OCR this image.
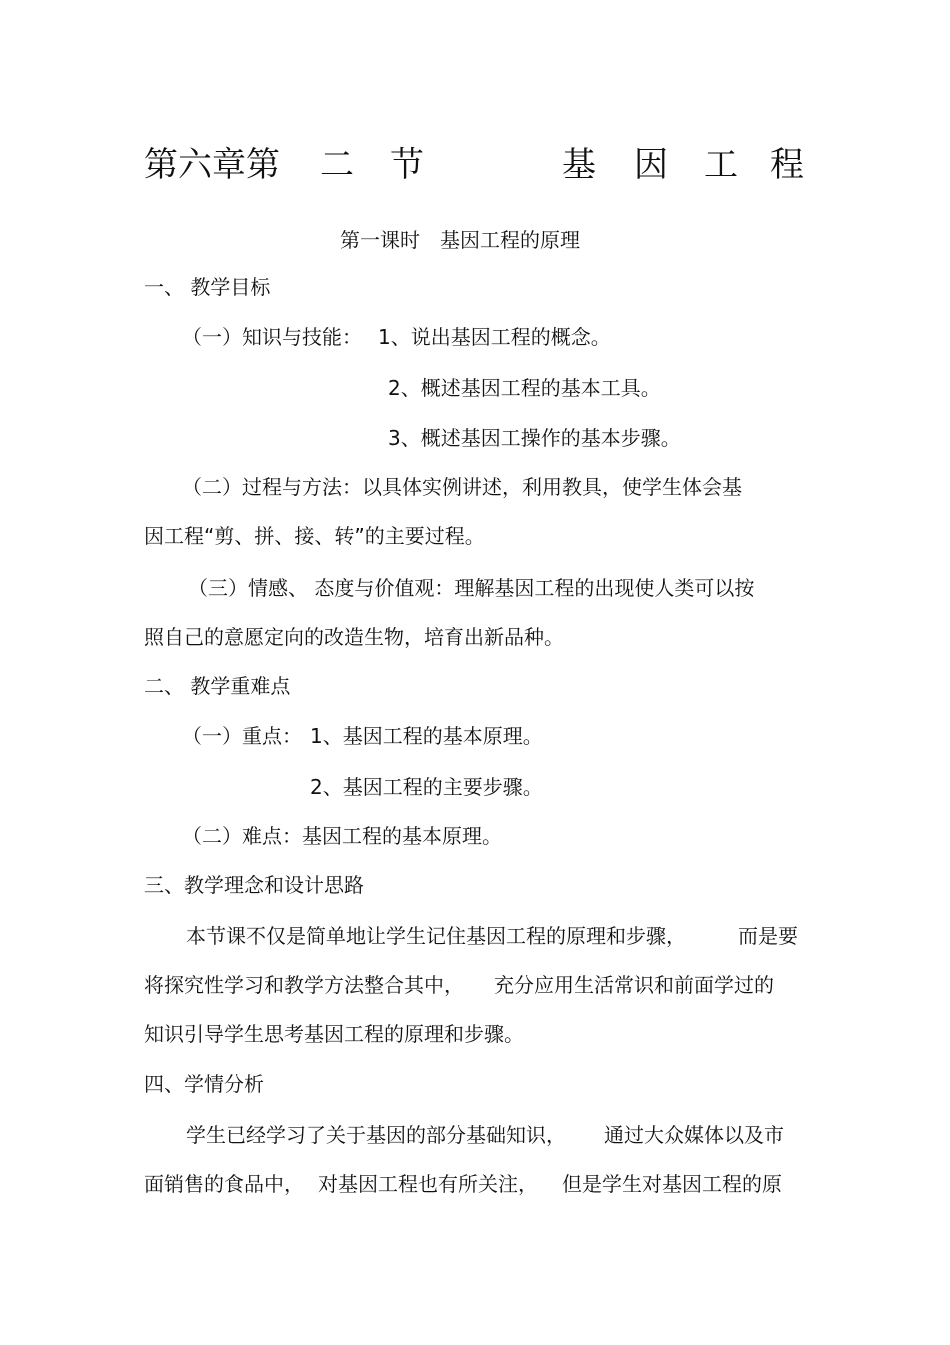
第六章第 二 节	基 因 工 程
第一课时　基因工程的原理
一、 教学目标
（一）知识与技能： 1、说出基因工程的概念。
2、概述基因工程的基本工具。
3、概述基因工操作的基本步骤。
（二）过程与方法：以具体实例讲述，利用教具，使学生体会基
因工程“剪、拼、接、转”的主要过程。
（三）情感、 态度与价值观：理解基因工程的出现使人类可以按
照自己的意愿定向的改造生物，培育出新品种。
二、 教学重难点
（一）重点： 1、基因工程的基本原理。
2、基因工程的主要步骤。
（二）难点：基因工程的基本原理。
三、教学理念和设计思路
本节课不仅是简单地让学生记住基因工程的原理和步骤，	而是要
将探究性学习和教学方法整合其中， 充分应用生活常识和前面学过的
知识引导学生思考基因工程的原理和步骤。
四、学情分析
学生已经学习了关于基因的部分基础知识， 通过大众媒体以及市
面销售的食品中， 对基因工程也有所关注， 但是学生对基因工程的原
